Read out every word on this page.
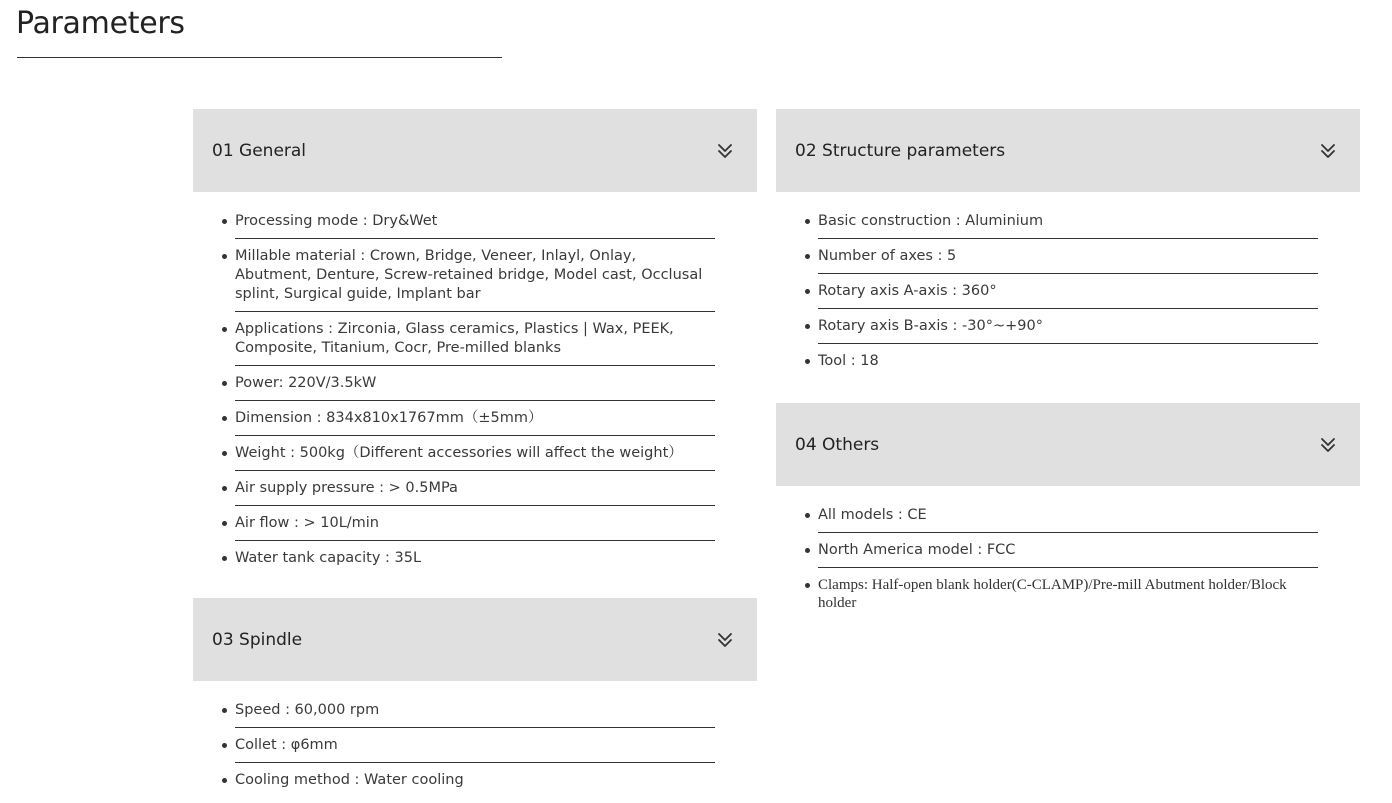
Parameters
01 General
Processing mode : Dry&Wet
Millable material : Crown, Bridge, Veneer, Inlayl, Onlay, Abutment, Denture, Screw-retained bridge, Model cast, Occlusal splint, Surgical guide, Implant bar
Applications : Zirconia, Glass ceramics, Plastics | Wax, PEEK, Composite, Titanium, Cocr, Pre-milled blanks
Power: 220V/3.5kW
Dimension : 834x810x1767mm（±5mm）
Weight : 500kg（Different accessories will affect the weight）
Air supply pressure : > 0.5MPa
Air flow : > 10L/min
Water tank capacity : 35L
03 Spindle
Speed : 60,000 rpm
Collet : φ6mm
Cooling method : Water cooling
02 Structure parameters
Basic construction : Aluminium
Number of axes : 5
Rotary axis A-axis : 360°
Rotary axis B-axis : -30°~+90°
Tool : 18
04 Others
All models : CE
North America model : FCC
Clamps: Half-open blank holder(C-CLAMP)/Pre-mill Abutment holder/Block holder
